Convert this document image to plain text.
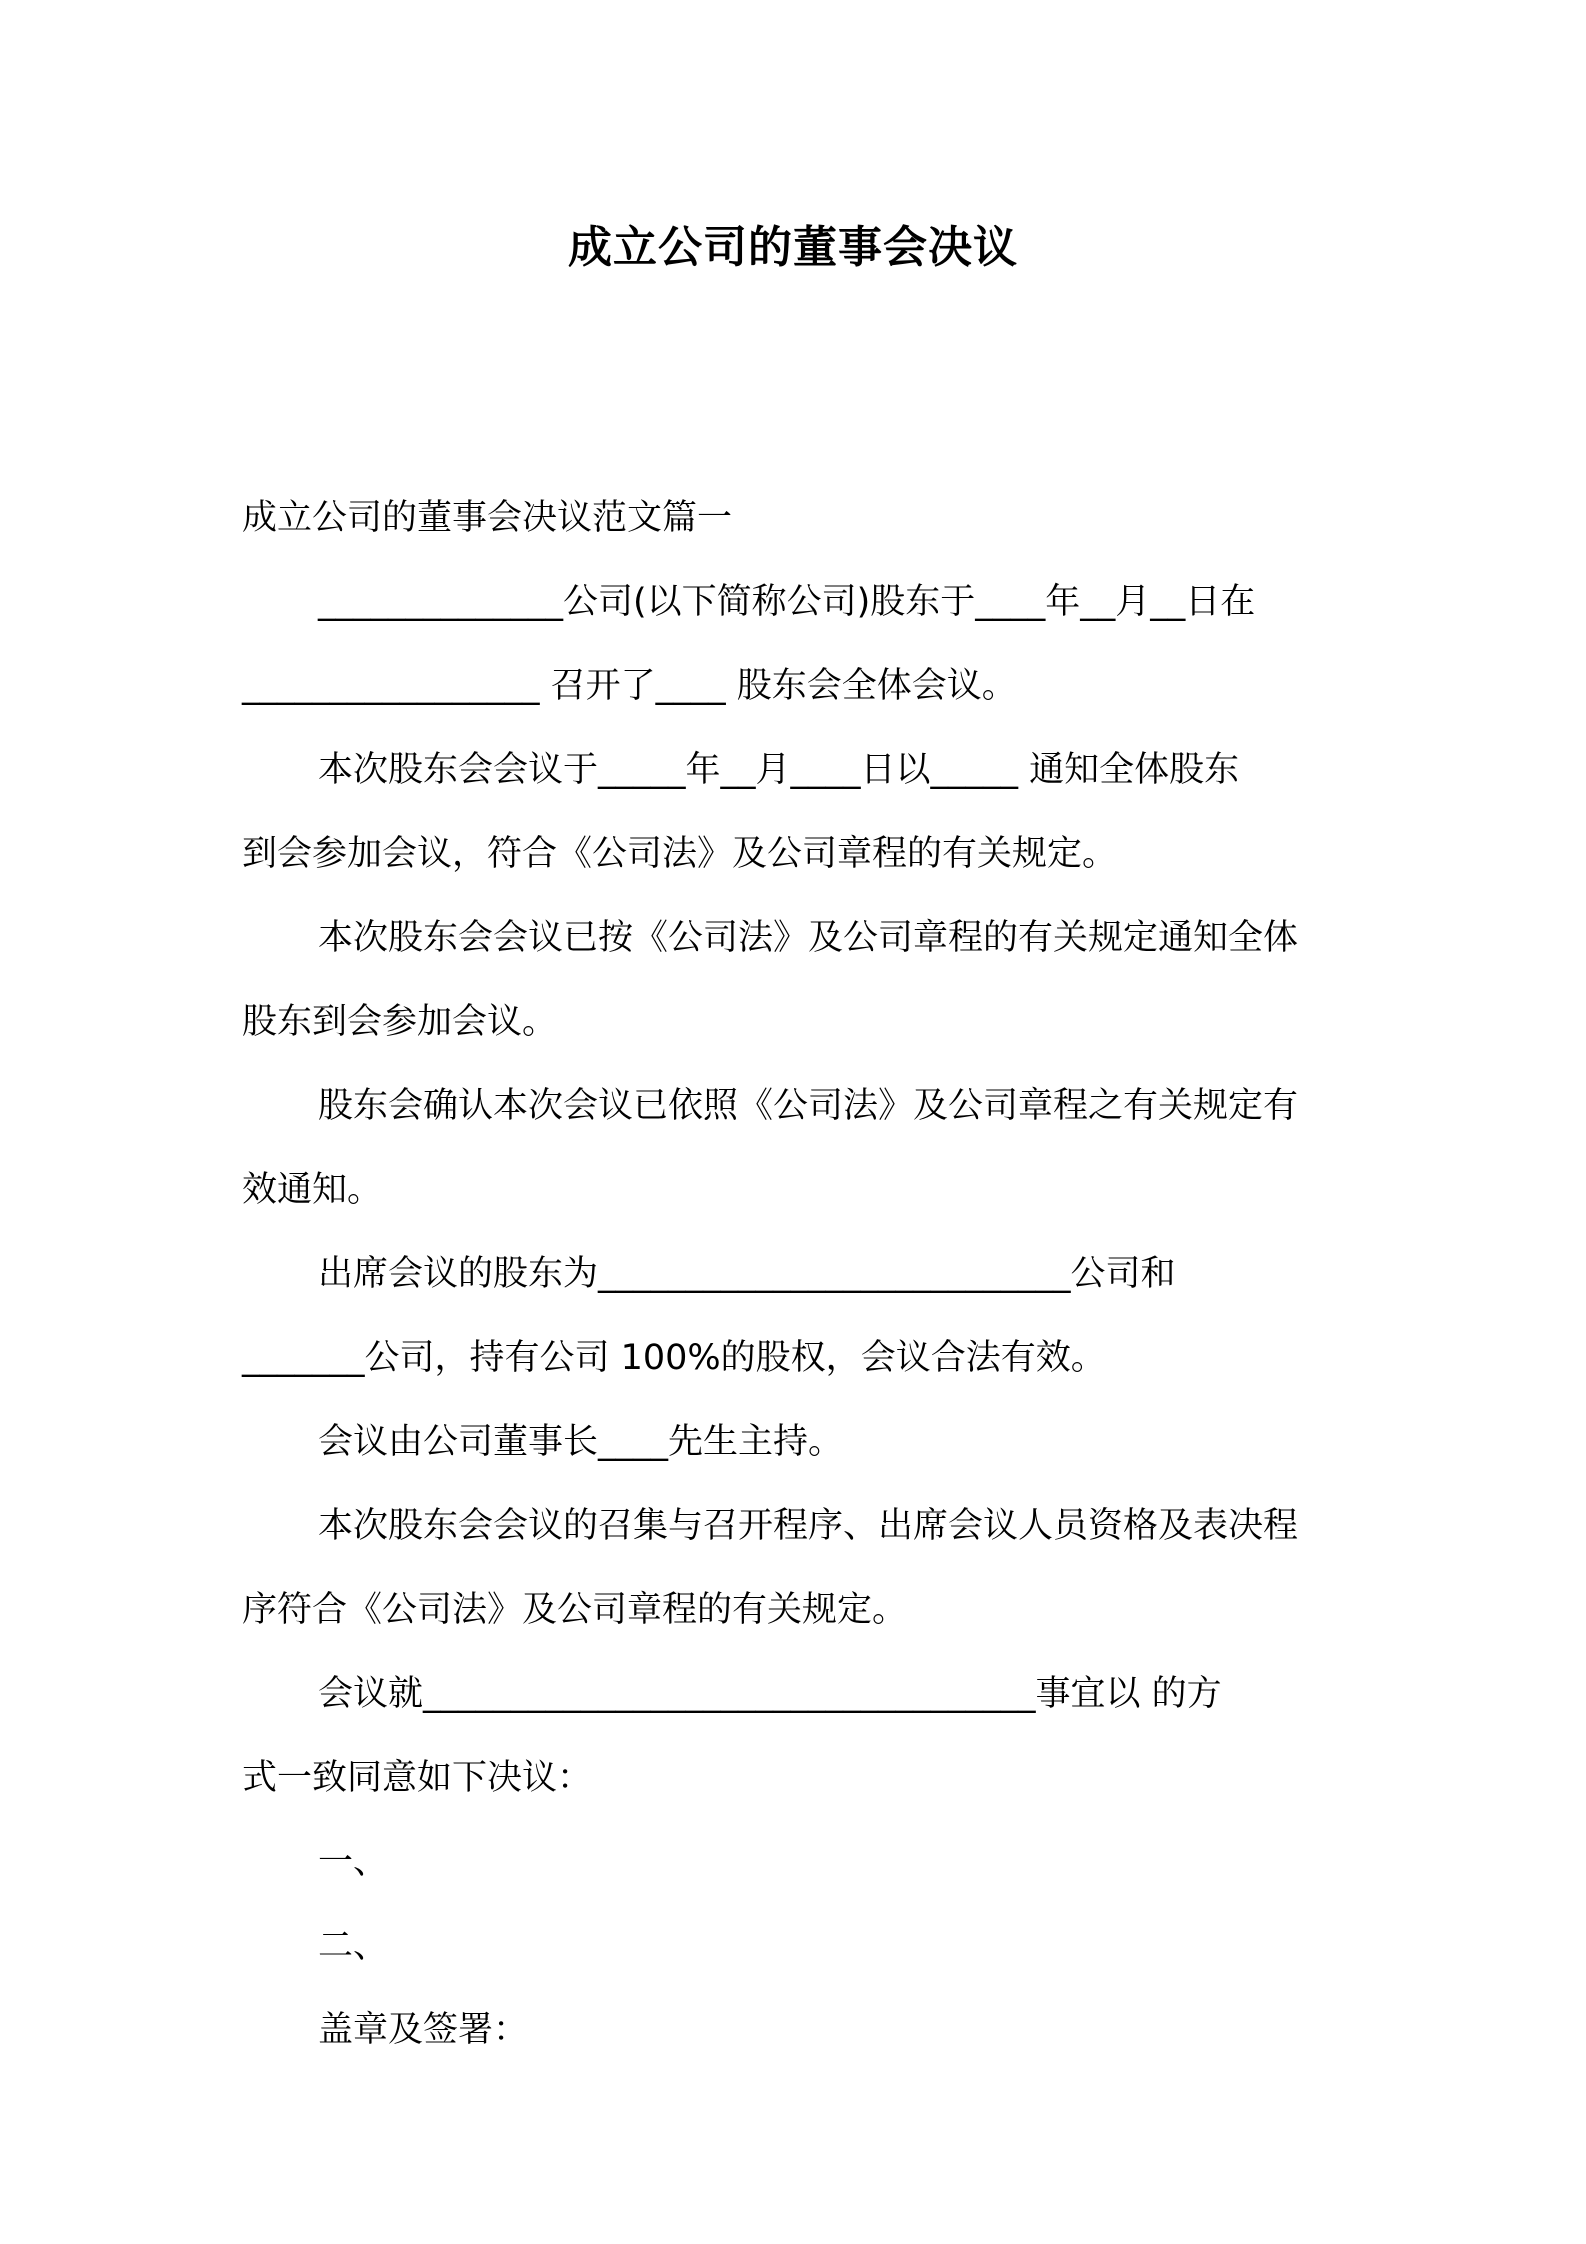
成立公司的董事会决议
成立公司的董事会决议范文篇一
______________公司(以下简称公司)股东于____年__月__日在
_________________ 召开了____ 股东会全体会议。
本次股东会会议于_____年__月____日以_____ 通知全体股东
到会参加会议，符合《公司法》及公司章程的有关规定。
本次股东会会议已按《公司法》及公司章程的有关规定通知全体
股东到会参加会议。
股东会确认本次会议已依照《公司法》及公司章程之有关规定有
效通知。
出席会议的股东为___________________________公司和
_______公司，持有公司 100%的股权，会议合法有效。
会议由公司董事长____先生主持。
本次股东会会议的召集与召开程序、出席会议人员资格及表决程
序符合《公司法》及公司章程的有关规定。
会议就___________________________________事宜以 的方
式一致同意如下决议：
一、
二、
盖章及签署：
